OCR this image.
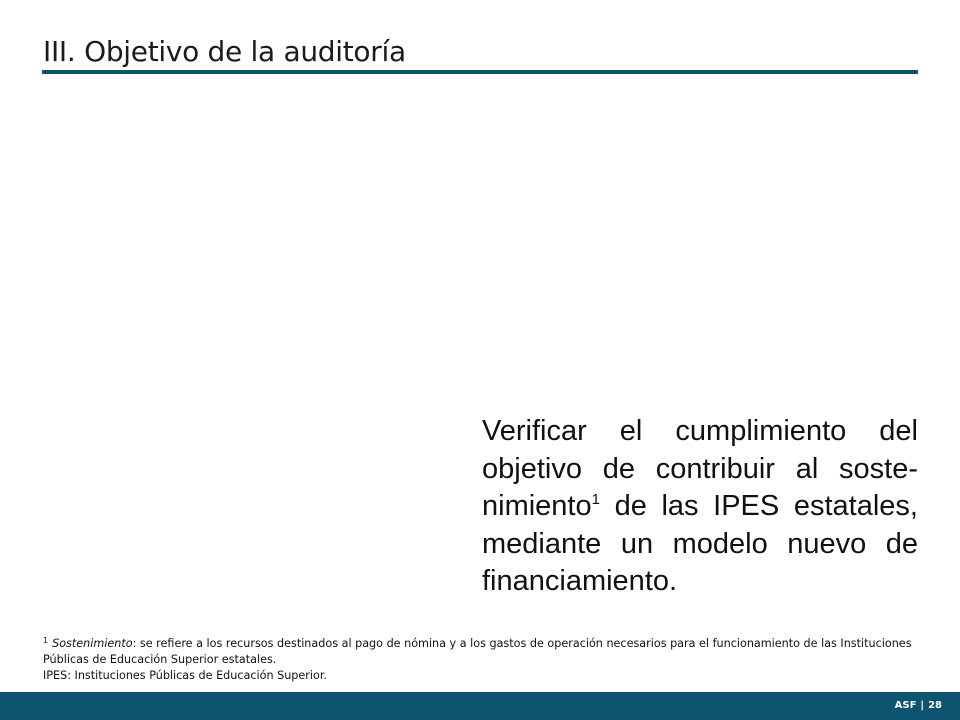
III. Objetivo de la auditoría

Verificar el cumplimiento del objetivo de contribuir al soste-nimiento$^1$ de las IPES estatales, mediante un modelo nuevo de financiamiento.

$^1$ Sostenimiento: se refiere a los recursos destinados al pago de nómina y a los gastos de operación necesarios para el funcionamiento de las Instituciones Públicas de Educación Superior estatales.

IPES: Instituciones Públicas de Educación Superior.

ASF | 28
